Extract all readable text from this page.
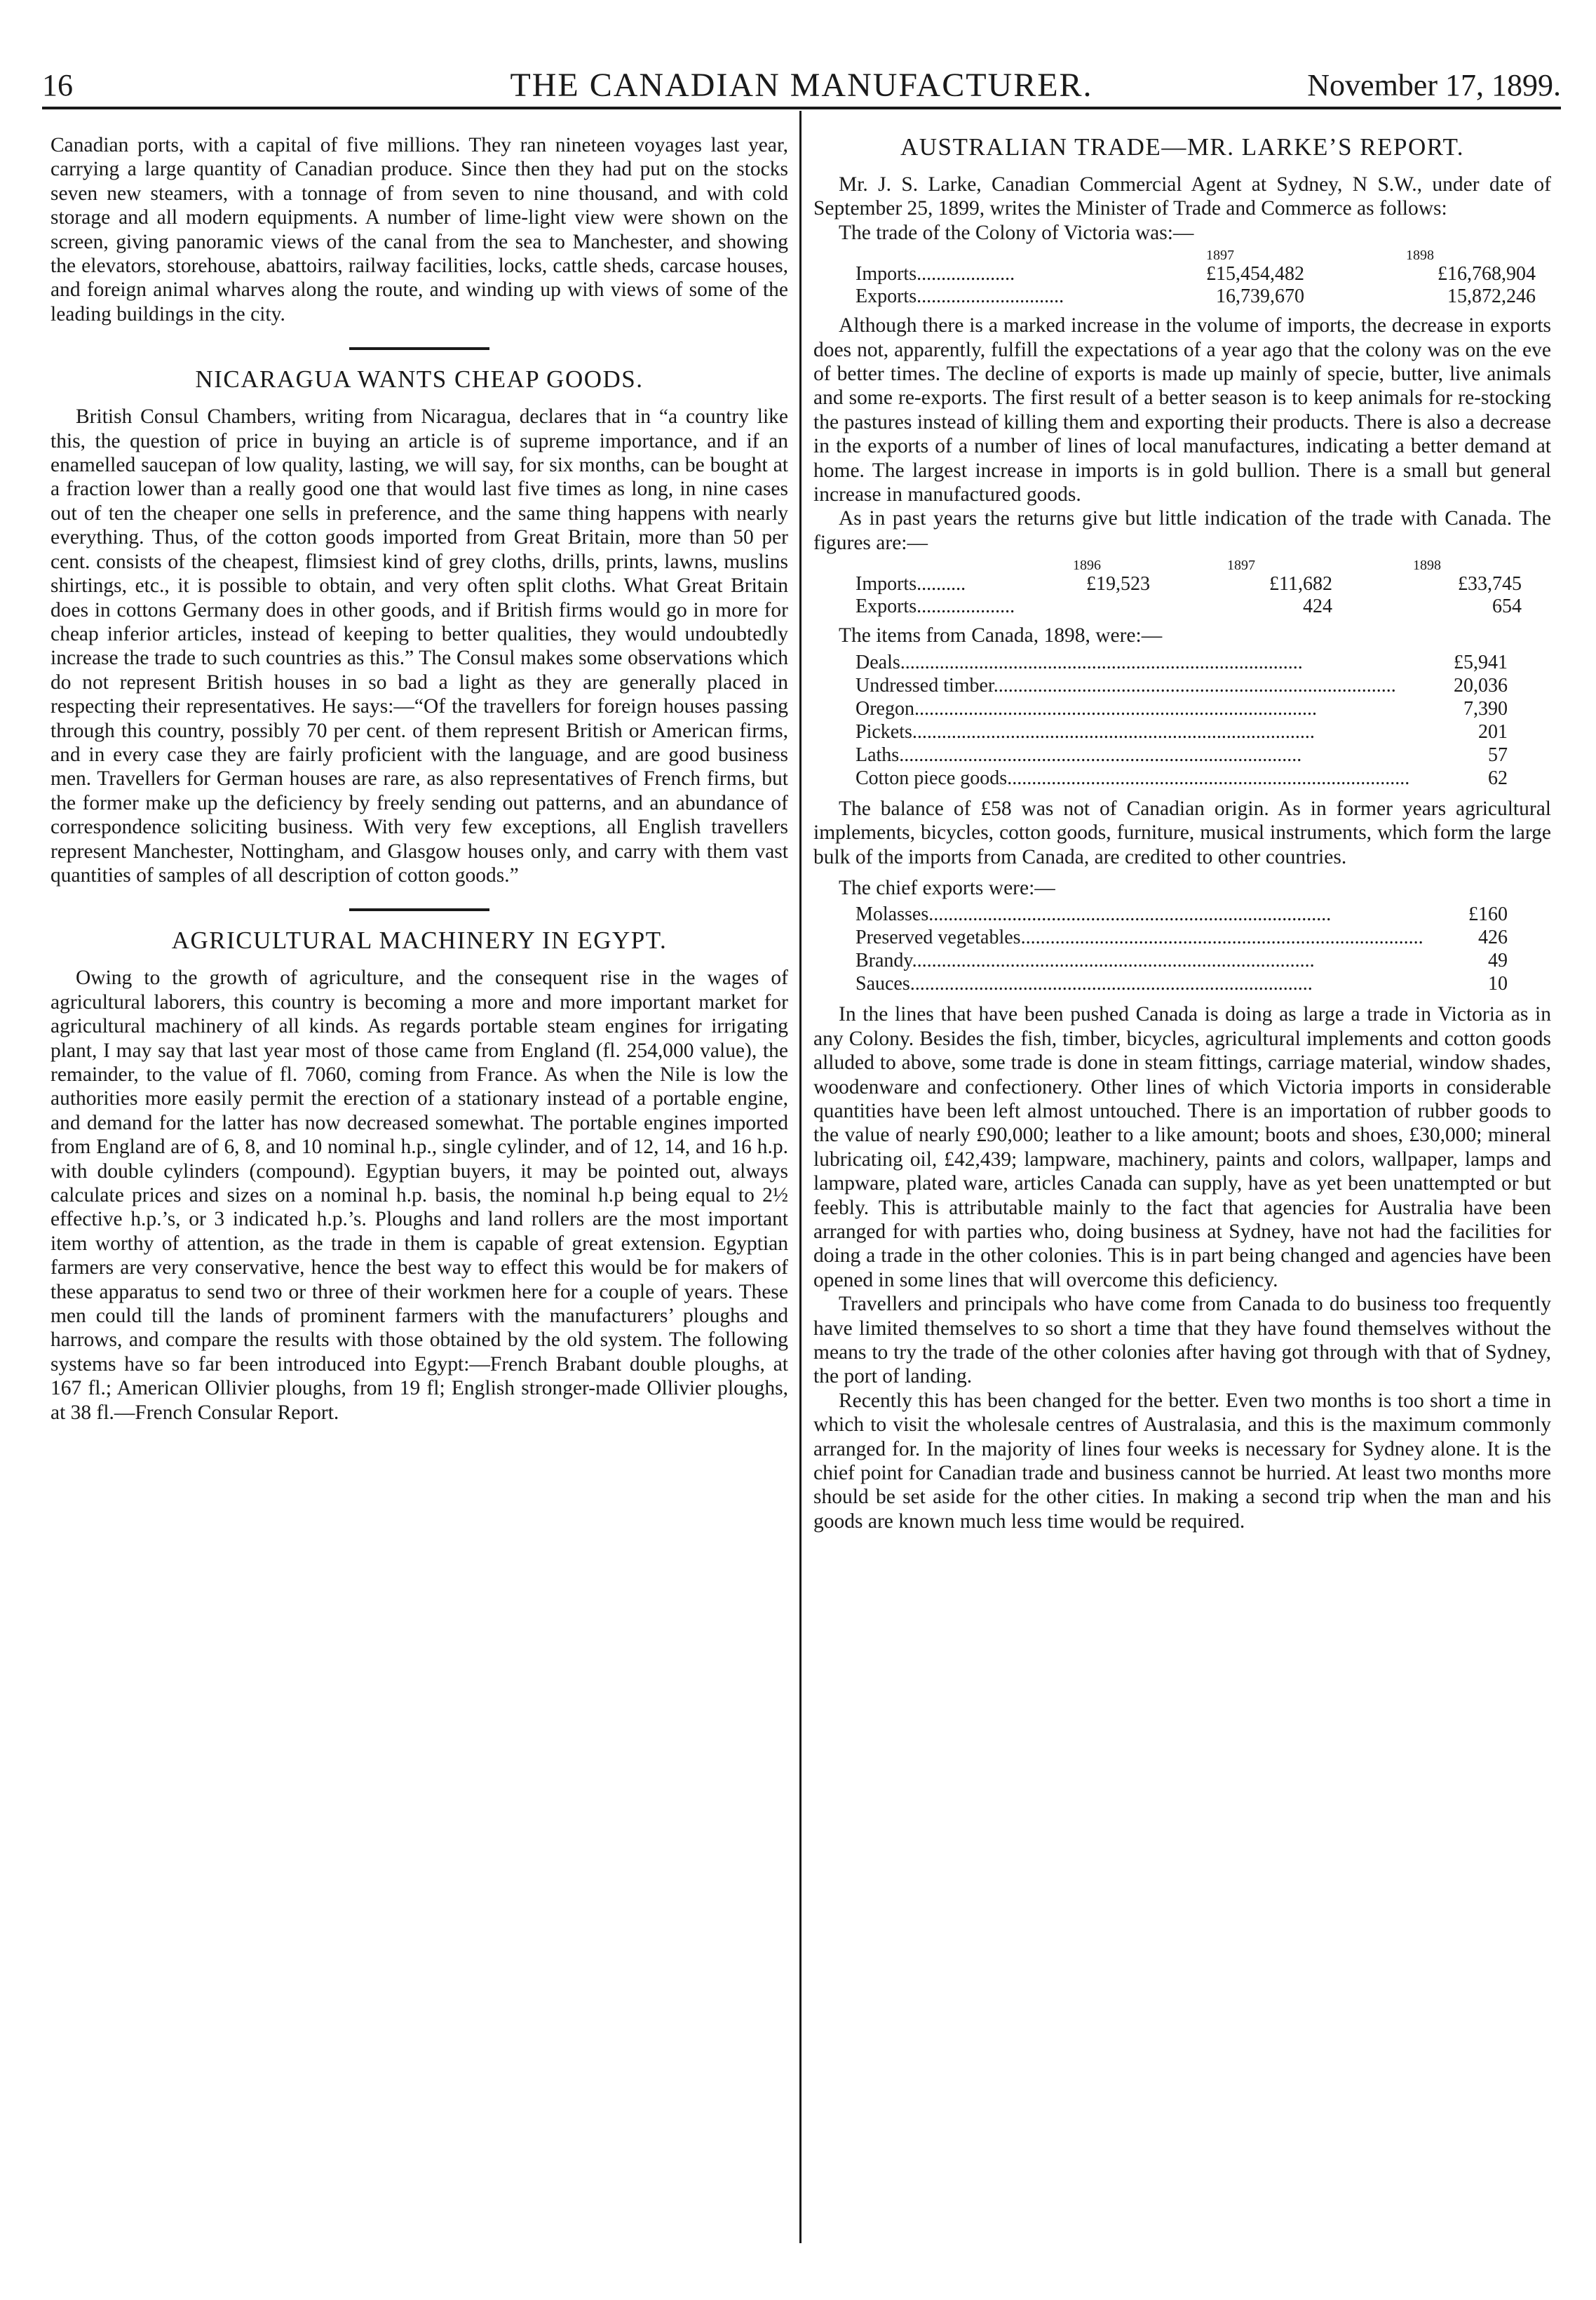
16	THE CANADIAN MANUFACTURER.	November 17, 1899.

Canadian ports, with a capital of five millions. They ran nineteen voyages last year, carrying a large quantity of Canadian produce. Since then they had put on the stocks seven new steamers, with a tonnage of from seven to nine thousand, and with cold storage and all modern equipments. A number of lime-light view were shown on the screen, giving panoramic views of the canal from the sea to Manchester, and showing the elevators, storehouse, abattoirs, railway facilities, locks, cattle sheds, carcase houses, and foreign animal wharves along the route, and winding up with views of some of the leading buildings in the city.

NICARAGUA WANTS CHEAP GOODS.

British Consul Chambers, writing from Nicaragua, declares that in “a country like this, the question of price in buying an article is of supreme importance, and if an enamelled saucepan of low quality, lasting, we will say, for six months, can be bought at a fraction lower than a really good one that would last five times as long, in nine cases out of ten the cheaper one sells in preference, and the same thing happens with nearly everything. Thus, of the cotton goods imported from Great Britain, more than 50 per cent. consists of the cheapest, flimsiest kind of grey cloths, drills, prints, lawns, muslins shirtings, etc., it is possible to obtain, and very often split cloths. What Great Britain does in cottons Germany does in other goods, and if British firms would go in more for cheap inferior articles, instead of keeping to better qualities, they would undoubtedly increase the trade to such countries as this.” The Consul makes some observations which do not represent British houses in so bad a light as they are generally placed in respecting their representatives. He says:—“Of the travellers for foreign houses passing through this country, possibly 70 per cent. of them represent British or American firms, and in every case they are fairly proficient with the language, and are good business men. Travellers for German houses are rare, as also representatives of French firms, but the former make up the deficiency by freely sending out patterns, and an abundance of correspondence soliciting business. With very few exceptions, all English travellers represent Manchester, Nottingham, and Glasgow houses only, and carry with them vast quantities of samples of all description of cotton goods.”

AGRICULTURAL MACHINERY IN EGYPT.

Owing to the growth of agriculture, and the consequent rise in the wages of agricultural laborers, this country is becoming a more and more important market for agricultural machinery of all kinds. As regards portable steam engines for irrigating plant, I may say that last year most of those came from England (fl. 254,000 value), the remainder, to the value of fl. 7060, coming from France. As when the Nile is low the authorities more easily permit the erection of a stationary instead of a portable engine, and demand for the latter has now decreased somewhat. The portable engines imported from England are of 6, 8, and 10 nominal h.p., single cylinder, and of 12, 14, and 16 h.p. with double cylinders (compound). Egyptian buyers, it may be pointed out, always calculate prices and sizes on a nominal h.p. basis, the nominal h.p being equal to 2½ effective h.p.’s, or 3 indicated h.p.’s. Ploughs and land rollers are the most important item worthy of attention, as the trade in them is capable of great extension. Egyptian farmers are very conservative, hence the best way to effect this would be for makers of these apparatus to send two or three of their workmen here for a couple of years. These men could till the lands of prominent farmers with the manufacturers’ ploughs and harrows, and compare the results with those obtained by the old system. The following systems have so far been introduced into Egypt:—French Brabant double ploughs, at 167 fl.; American Ollivier ploughs, from 19 fl; English stronger-made Ollivier ploughs, at 38 fl.—French Consular Report.

AUSTRALIAN TRADE—MR. LARKE’S REPORT.

Mr. J. S. Larke, Canadian Commercial Agent at Sydney, N S.W., under date of September 25, 1899, writes the Minister of Trade and Commerce as follows:

The trade of the Colony of Victoria was:—

	1897	1898
Imports....................	£15,454,482	£16,768,904
Exports..............................	16,739,670	15,872,246

Although there is a marked increase in the volume of imports, the decrease in exports does not, apparently, fulfill the expectations of a year ago that the colony was on the eve of better times. The decline of exports is made up mainly of specie, butter, live animals and some re-exports. The first result of a better season is to keep animals for re-stocking the pastures instead of killing them and exporting their products. There is also a decrease in the exports of a number of lines of local manufactures, indicating a better demand at home. The largest increase in imports is in gold bullion. There is a small but general increase in manufactured goods.

As in past years the returns give but little indication of the trade with Canada. The figures are:—

	1896	1897	1898
Imports..........	£19,523	£11,682	£33,745
Exports....................		424	654

The items from Canada, 1898, were:—

Deals..................................................................................	£5,941
Undressed timber..................................................................................	20,036
Oregon..................................................................................	7,390
Pickets..................................................................................	201
Laths..................................................................................	57
Cotton piece goods..................................................................................	62

The balance of £58 was not of Canadian origin. As in former years agricultural implements, bicycles, cotton goods, furniture, musical instruments, which form the large bulk of the imports from Canada, are credited to other countries.

The chief exports were:—

Molasses..................................................................................	£160
Preserved vegetables..................................................................................	426
Brandy..................................................................................	49
Sauces..................................................................................	10

In the lines that have been pushed Canada is doing as large a trade in Victoria as in any Colony. Besides the fish, timber, bicycles, agricultural implements and cotton goods alluded to above, some trade is done in steam fittings, carriage material, window shades, woodenware and confectionery. Other lines of which Victoria imports in considerable quantities have been left almost untouched. There is an importation of rubber goods to the value of nearly £90,000; leather to a like amount; boots and shoes, £30,000; mineral lubricating oil, £42,439; lampware, machinery, paints and colors, wallpaper, lamps and lampware, plated ware, articles Canada can supply, have as yet been unattempted or but feebly. This is attributable mainly to the fact that agencies for Australia have been arranged for with parties who, doing business at Sydney, have not had the facilities for doing a trade in the other colonies. This is in part being changed and agencies have been opened in some lines that will overcome this deficiency.

Travellers and principals who have come from Canada to do business too frequently have limited themselves to so short a time that they have found themselves without the means to try the trade of the other colonies after having got through with that of Sydney, the port of landing.

Recently this has been changed for the better. Even two months is too short a time in which to visit the wholesale centres of Australasia, and this is the maximum commonly arranged for. In the majority of lines four weeks is necessary for Sydney alone. It is the chief point for Canadian trade and business cannot be hurried. At least two months more should be set aside for the other cities. In making a second trip when the man and his goods are known much less time would be required.
